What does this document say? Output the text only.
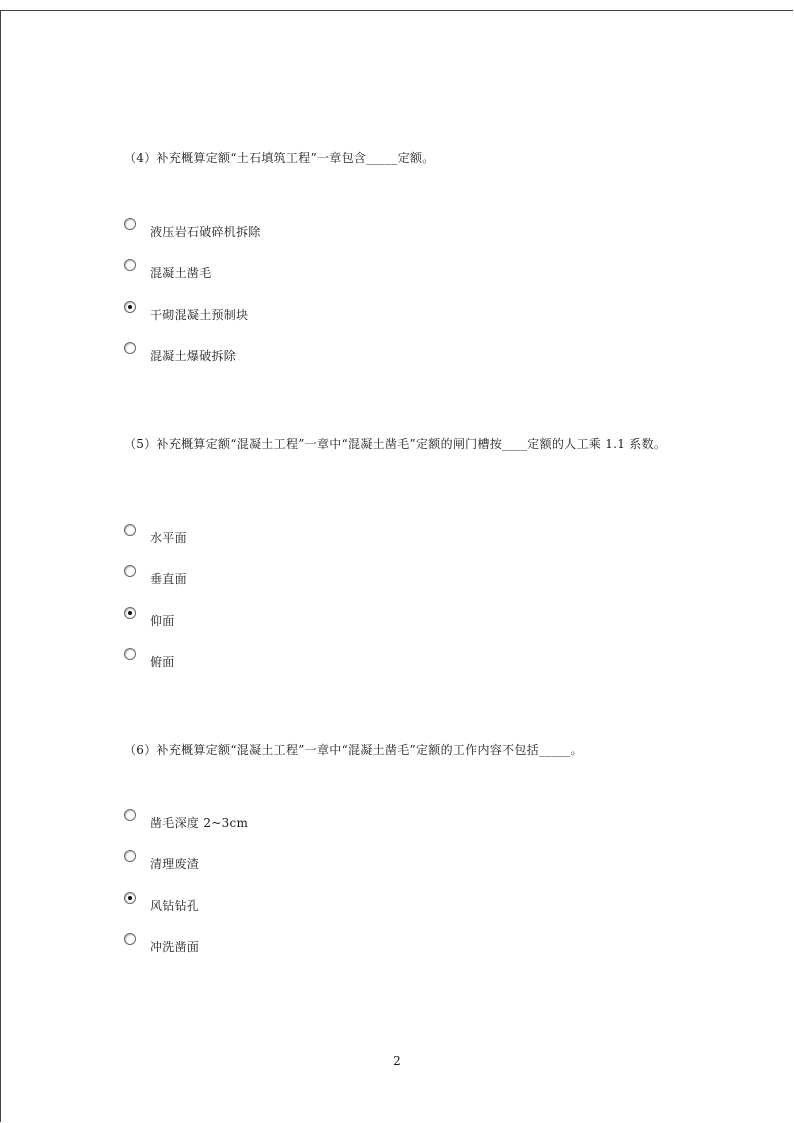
（4）补充概算定额“土石填筑工程”一章包含_____定额。
液压岩石破碎机拆除
混凝土凿毛
干砌混凝土预制块
混凝土爆破拆除
（5）补充概算定额“混凝土工程”一章中“混凝土凿毛”定额的闸门槽按____定额的人工乘 1.1 系数。
水平面
垂直面
仰面
俯面
（6）补充概算定额“混凝土工程”一章中“混凝土凿毛”定额的工作内容不包括_____。
凿毛深度 2~3cm
清理废渣
风钻钻孔
冲洗凿面
2
